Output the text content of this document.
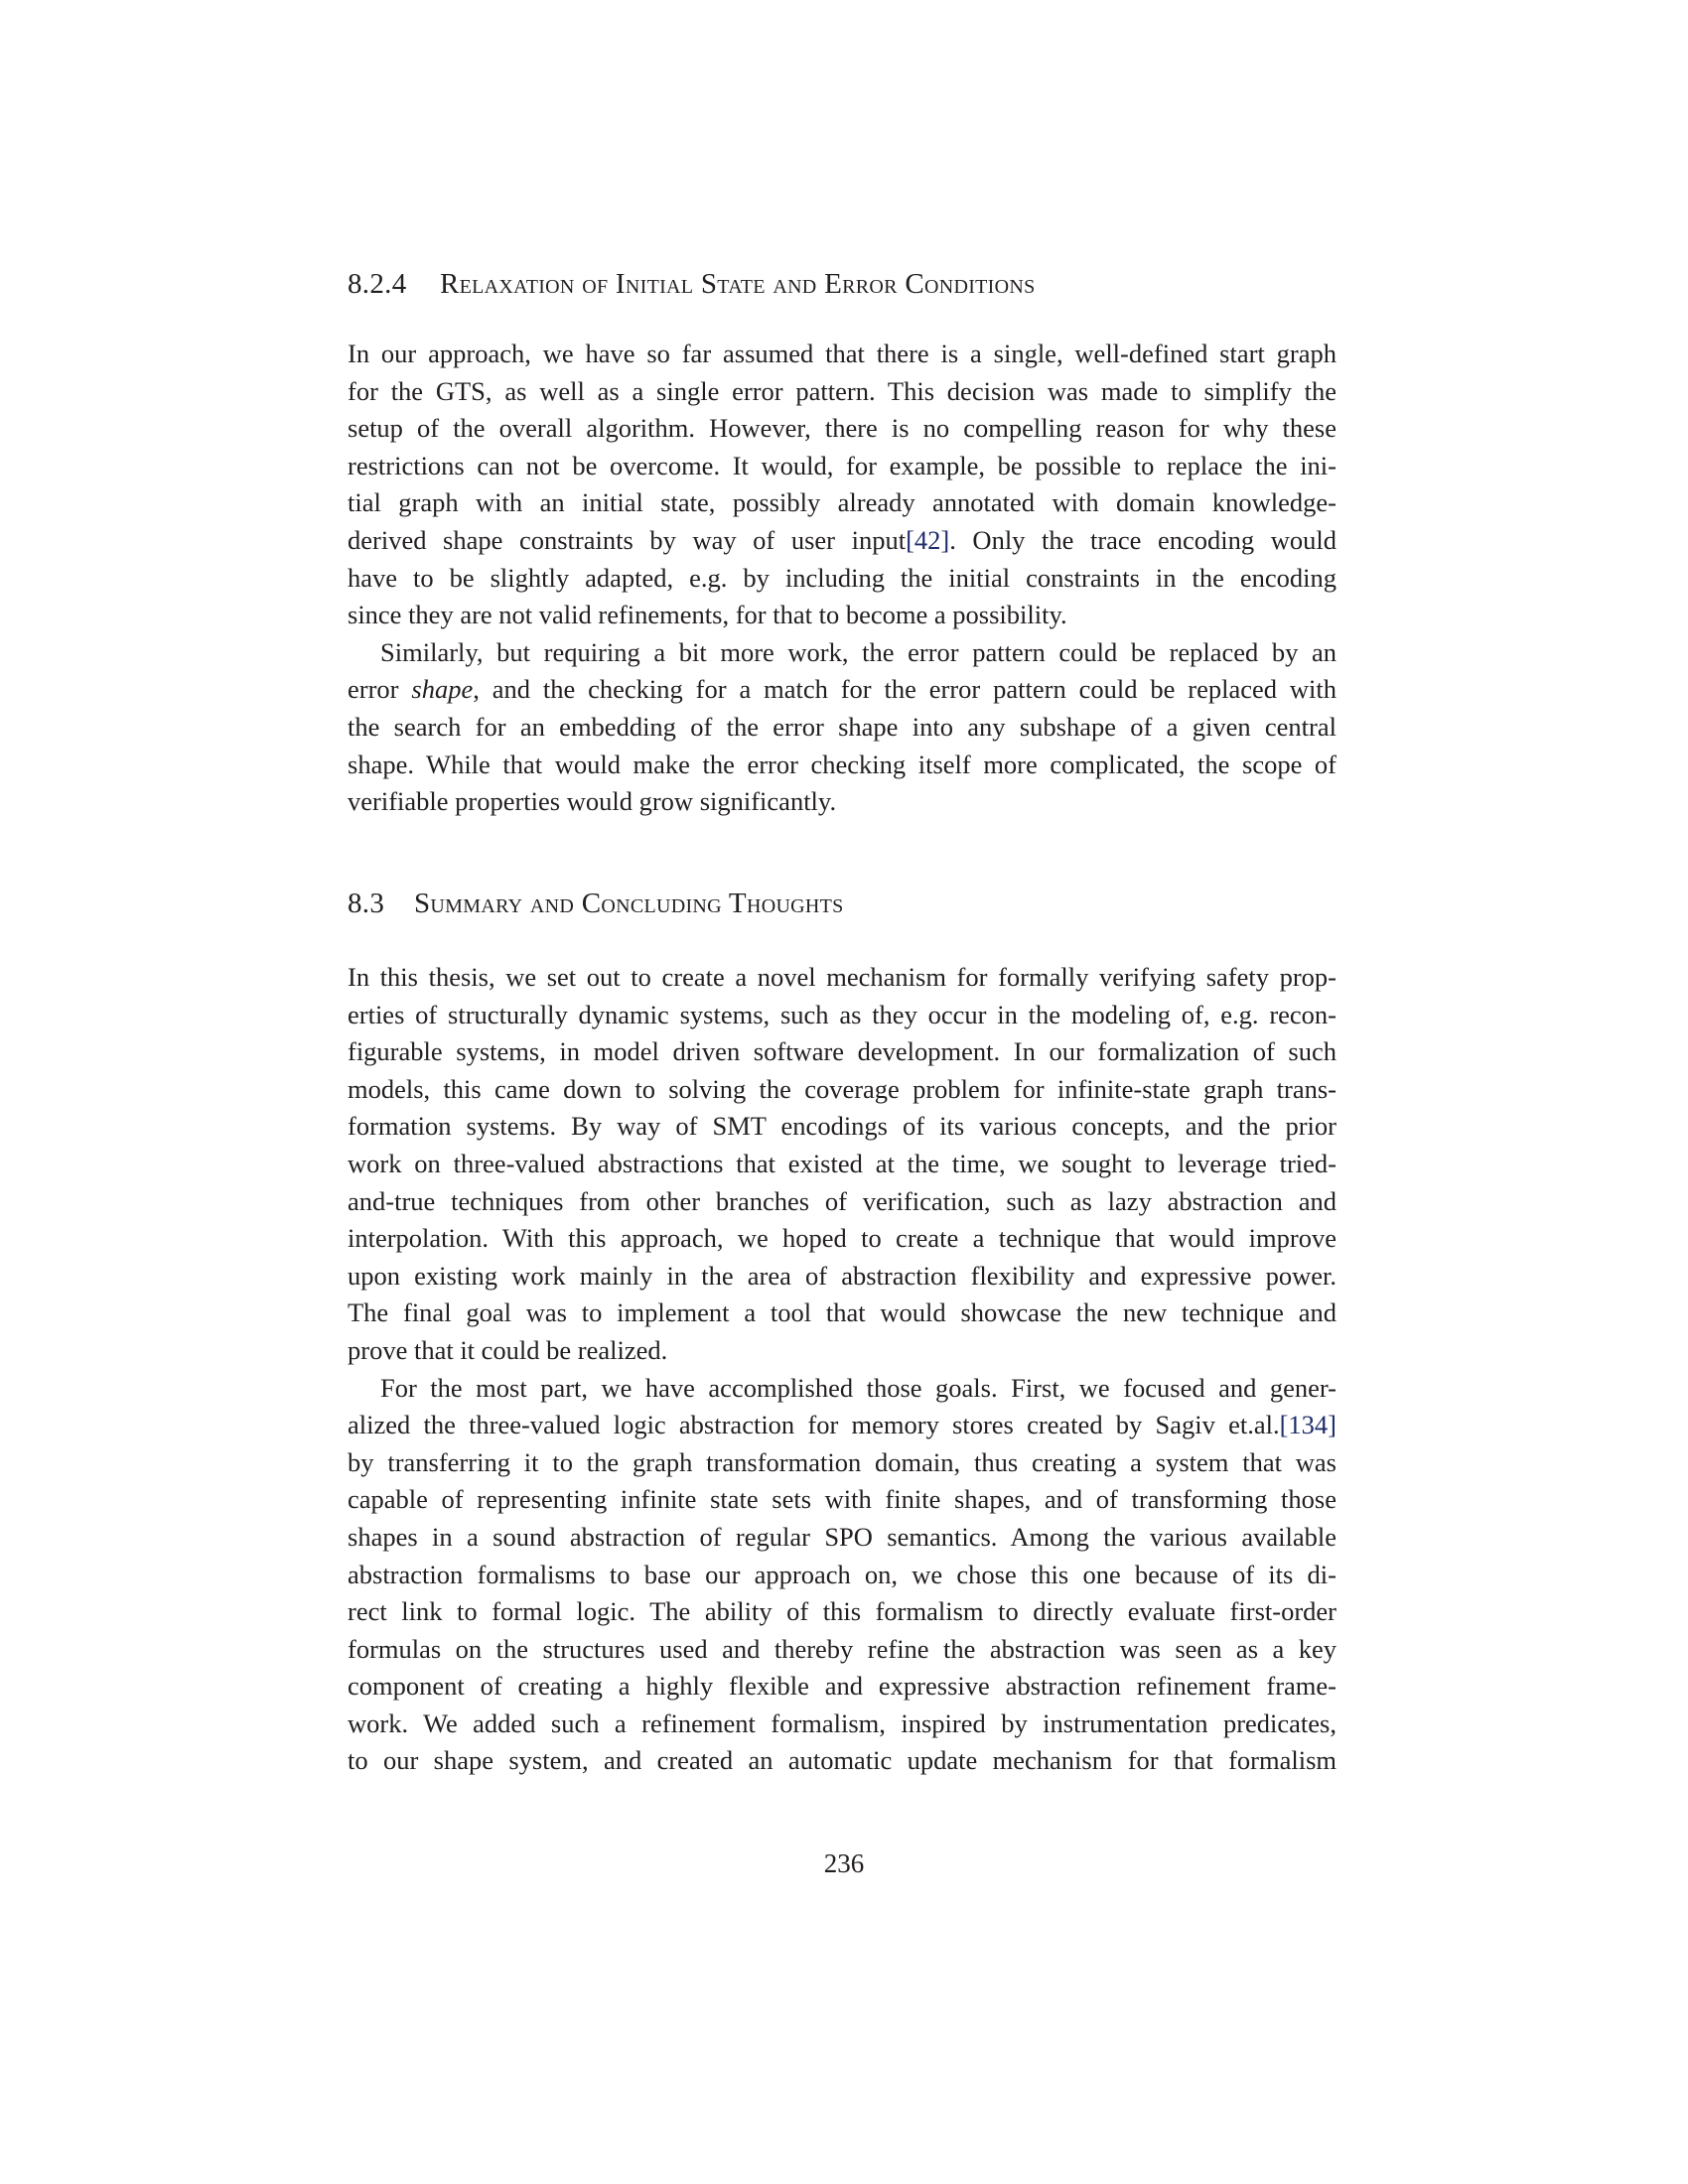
8.2.4 Relaxation of Initial State and Error Conditions
In our approach, we have so far assumed that there is a single, well-defined start graph
for the GTS, as well as a single error pattern. This decision was made to simplify the
setup of the overall algorithm. However, there is no compelling reason for why these
restrictions can not be overcome. It would, for example, be possible to replace the ini-
tial graph with an initial state, possibly already annotated with domain knowledge-
derived shape constraints by way of user input[42]. Only the trace encoding would
have to be slightly adapted, e.g. by including the initial constraints in the encoding
since they are not valid refinements, for that to become a possibility.
Similarly, but requiring a bit more work, the error pattern could be replaced by an
error shape, and the checking for a match for the error pattern could be replaced with
the search for an embedding of the error shape into any subshape of a given central
shape. While that would make the error checking itself more complicated, the scope of
verifiable properties would grow significantly.
8.3 Summary and Concluding Thoughts
In this thesis, we set out to create a novel mechanism for formally verifying safety prop-
erties of structurally dynamic systems, such as they occur in the modeling of, e.g. recon-
figurable systems, in model driven software development. In our formalization of such
models, this came down to solving the coverage problem for infinite-state graph trans-
formation systems. By way of SMT encodings of its various concepts, and the prior
work on three-valued abstractions that existed at the time, we sought to leverage tried-
and-true techniques from other branches of verification, such as lazy abstraction and
interpolation. With this approach, we hoped to create a technique that would improve
upon existing work mainly in the area of abstraction flexibility and expressive power.
The final goal was to implement a tool that would showcase the new technique and
prove that it could be realized.
For the most part, we have accomplished those goals. First, we focused and gener-
alized the three-valued logic abstraction for memory stores created by Sagiv et.al.[134]
by transferring it to the graph transformation domain, thus creating a system that was
capable of representing infinite state sets with finite shapes, and of transforming those
shapes in a sound abstraction of regular SPO semantics. Among the various available
abstraction formalisms to base our approach on, we chose this one because of its di-
rect link to formal logic. The ability of this formalism to directly evaluate first-order
formulas on the structures used and thereby refine the abstraction was seen as a key
component of creating a highly flexible and expressive abstraction refinement frame-
work. We added such a refinement formalism, inspired by instrumentation predicates,
to our shape system, and created an automatic update mechanism for that formalism
236
